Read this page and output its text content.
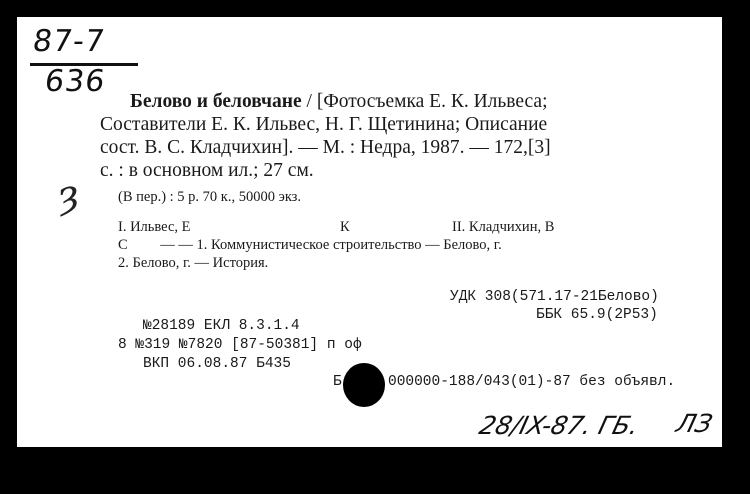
87-7
636
ȝ
Белово и беловчане / [Фотосъемка Е. К. Ильвеса;
Составители Е. К. Ильвес, Н. Г. Щетинина; Описание
сост. В. С. Кладчихин]. — М. : Недра, 1987. — 172,[3]
с. : в основном ил.; 27 см.
(В пер.) : 5 р. 70 к., 50000 экз.
I. Ильвес, Е	К	II. Кладчихин, В
С         — — 1. Коммунистическое строительство — Белово, г.
2. Белово, г. — История.
УДК 308(571.17-21Белово)
ББК 65.9(2Р53)
№28189 ЕКЛ 8.3.1.4
8 №319 №7820 [87-50381] п оф
ВКП 06.08.87 Б435
Б	000000-188/043(01)-87 без объявл.
28/IX-87. ГБ. ЛЗ
